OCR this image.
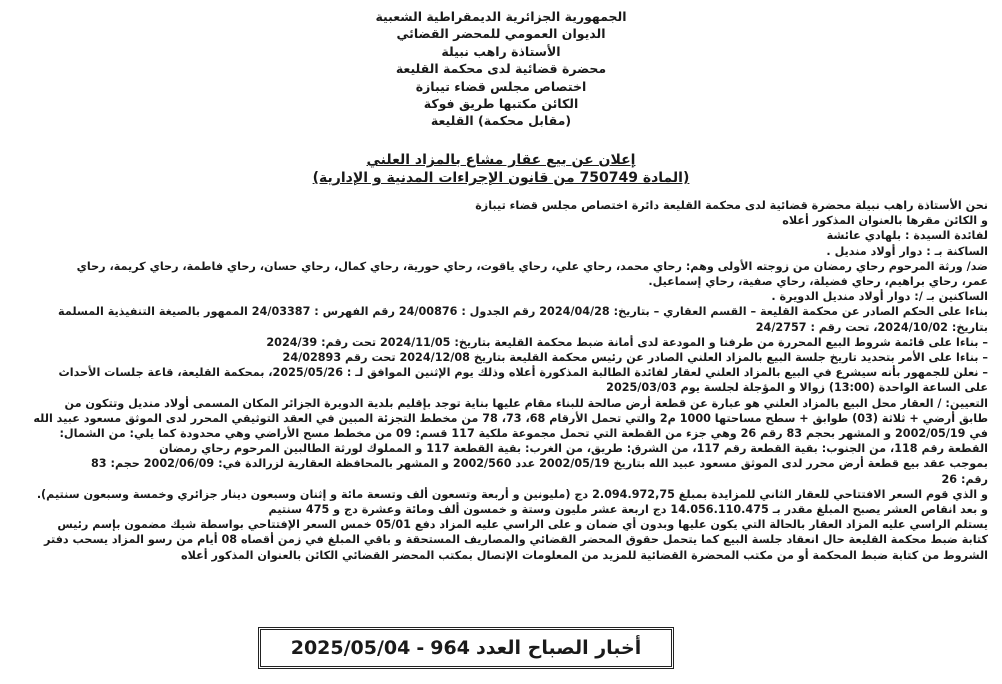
الجمهورية الجزائرية الديمقراطية الشعبية
الديوان العمومي للمحضر القضائي
الأستاذة راهب نبيلة
محضرة قضائية لدى محكمة القليعة
اختصاص مجلس قضاء تيبازة
الكائن مكتبها طريق فوكة
(مقابل محكمة) القليعة
إعلان عن بيع عقار مشاع بالمزاد العلني
(المادة 750749 من قانون الإجراءات المدنية و الإدارية)
نحن الأستاذة راهب نبيلة محضرة قضائية لدى محكمة القليعة دائرة اختصاص مجلس قضاء تيبازة
و الكائن مقرها بالعنوان المذكور أعلاه
لفائدة السيدة : بلهادي عائشة
الساكنة بـ : دوار أولاد منديل .
ضد/ ورثة المرحوم رحاي رمضان من زوجته الأولى وهم: رحاي محمد، رحاي علي، رحاي ياقوت، رحاي حورية، رحاي كمال، رحاي حسان، رحاي فاطمة، رحاي كريمة، رحاي
عمر، رحاي براهيم، رحاي فضيلة، رحاي صفية، رحاي إسماعيل.
الساكنين بـ /: دوار أولاد منديل الدويرة .
بناءا على الحكم الصادر عن محكمة القليعة – القسم العقاري – بتاريخ: 2024/04/28 رقم الجدول : 24/00876 رقم الفهرس : 24/03387 الممهور بالصيغة التنفيذية المسلمة
بتاريخ: 2024/10/02، تحت رقم : 24/2757
– بناءا على قائمة شروط البيع المحررة من طرفنا و المودعة لدى أمانة ضبط محكمة القليعة بتاريخ: 2024/11/05 تحت رقم: 2024/39
– بناءا على الأمر بتحديد تاريخ جلسة البيع بالمزاد العلني الصادر عن رئيس محكمة القليعة بتاريخ 2024/12/08 تحت رقم 24/02893
– نعلن للجمهور بأنه سيشرع في البيع بالمزاد العلني لعقار لفائدة الطالبة المذكورة أعلاه وذلك يوم الإثنين الموافق لـ : 2025/05/26، بمحكمة القليعة، قاعة جلسات الأحداث
على الساعة الواحدة (13:00) زوالا و المؤجلة لجلسة يوم 2025/03/03
التعيين: / العقار محل البيع بالمزاد العلني هو عبارة عن قطعة أرض صالحة للبناء مقام عليها بناية توجد بإقليم بلدية الدويرة الجزائر المكان المسمى أولاد منديل وتتكون من
طابق أرضي + ثلاثة (03) طوابق + سطح مساحتها 1000 م2 والتي تحمل الأرقام 68، 73، 78 من مخطط التجزئة المبين في العقد التوثيقي المحرر لدى الموثق مسعود عبيد الله
في 2002/05/19 و المشهر بحجم 83 رقم 26 وهي جزء من القطعة التي تحمل مجموعة ملكية 117 قسم: 09 من مخطط مسح الأراضي وهي محدودة كما يلي: من الشمال:
القطعة رقم 118، من الجنوب: بقية القطعة رقم 117، من الشرق: طريق، من الغرب: بقية القطعة 117 و المملوك لورثة الطالبين المرحوم رحاي رمضان
بموجب عقد بيع قطعة أرض محرر لدى الموثق مسعود عبيد الله بتاريخ 2002/05/19 عدد 2002/560 و المشهر بالمحافظة العقارية لزرالدة في: 2002/06/09 حجم: 83
رقم: 26
و الذي قوم السعر الافتتاحي للعقار الثاني للمزايدة بمبلغ 2.094.972,75 دج (مليونين و أربعة وتسعون ألف وتسعة مائة و إثنان وسبعون دينار جزائري وخمسة وسبعون سنتيم).
و بعد انقاص العشر يصبح المبلغ مقدر بـ 14.056.110.475 دج اربعة عشر مليون وستة و خمسون ألف ومائة وعشرة دج و 475 سنتيم
يستلم الراسي عليه المزاد العقار بالحالة التي يكون عليها وبدون أي ضمان و على الراسي عليه المزاد دفع 05/01 خمس السعر الإفتتاحي بواسطة شيك مضمون بإسم رئيس
كتابة ضبط محكمة القليعة حال انعقاد جلسة البيع كما يتحمل حقوق المحضر القضائي والمصاريف المستحقة و باقي المبلغ في زمن أقصاه 08 أيام من رسو المزاد يسحب دفتر
الشروط من كتابة ضبط المحكمة أو من مكتب المحضرة القضائية للمزيد من المعلومات الإتصال بمكتب المحضر القضائي الكائن بالعنوان المذكور أعلاه
أخبار الصباح العدد
964
-
2025/05/04
